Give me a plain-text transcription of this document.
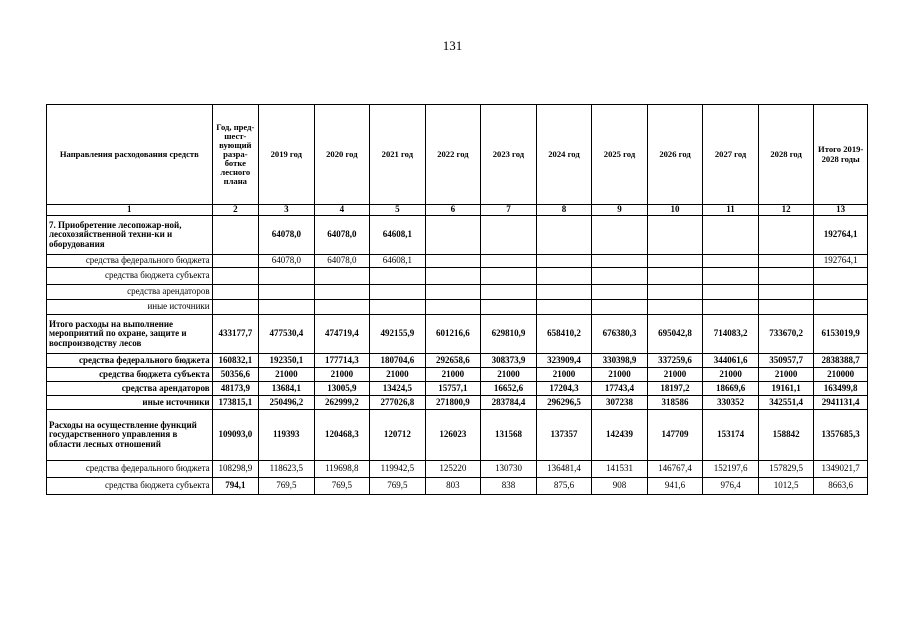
131
Направления расходования средств	Год, пред-шест-вующий разра-ботке лесного плана	2019 год	2020 год	2021 год	2022 год	2023 год	2024 год	2025 год	2026 год	2027 год	2028 год	Итого 2019-2028 годы
1	2	3	4	5	6	7	8	9	10	11	12	13
7. Приобретение лесопожар-ной, лесохозяйственной техни-ки и оборудования		64078,0	64078,0	64608,1								192764,1
средства федерального бюджета		64078,0	64078,0	64608,1								192764,1
средства бюджета субъекта												
средства арендаторов												
иные источники												
Итого расходы на выполнение мероприятий по охране, защите и воспроизводству лесов	433177,7	477530,4	474719,4	492155,9	601216,6	629810,9	658410,2	676380,3	695042,8	714083,2	733670,2	6153019,9
средства федерального бюджета	160832,1	192350,1	177714,3	180704,6	292658,6	308373,9	323909,4	330398,9	337259,6	344061,6	350957,7	2838388,7
средства бюджета субъекта	50356,6	21000	21000	21000	21000	21000	21000	21000	21000	21000	21000	210000
средства арендаторов	48173,9	13684,1	13005,9	13424,5	15757,1	16652,6	17204,3	17743,4	18197,2	18669,6	19161,1	163499,8
иные источники	173815,1	250496,2	262999,2	277026,8	271800,9	283784,4	296296,5	307238	318586	330352	342551,4	2941131,4
Расходы на осуществление функций государственного управления в области лесных отношений	109093,0	119393	120468,3	120712	126023	131568	137357	142439	147709	153174	158842	1357685,3
средства федерального бюджета	108298,9	118623,5	119698,8	119942,5	125220	130730	136481,4	141531	146767,4	152197,6	157829,5	1349021,7
средства бюджета субъекта	794,1	769,5	769,5	769,5	803	838	875,6	908	941,6	976,4	1012,5	8663,6
